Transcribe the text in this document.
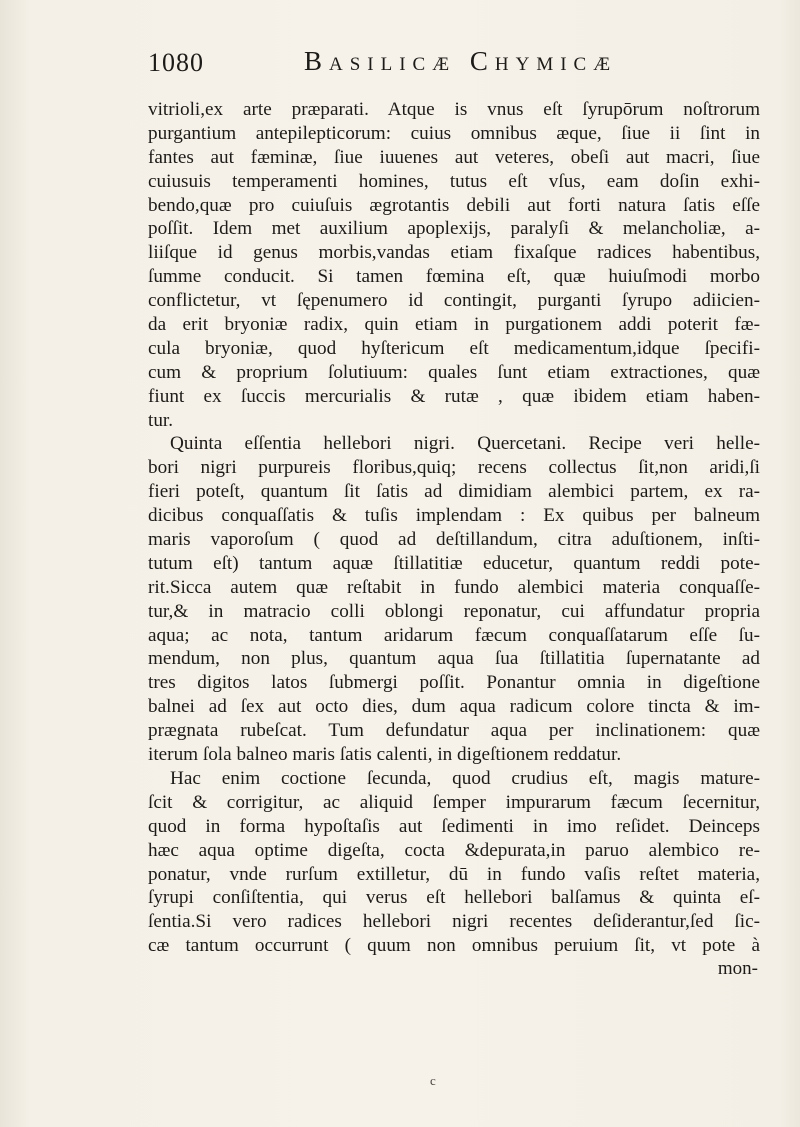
1080	Basilicæ Chymicæ
vitrioli,ex arte præparati. Atque is vnus eſt ſyrupōrum noſtrorum
purgantium antepilepticorum: cuius omnibus æque, ſiue ii ſint in
fantes aut fæminæ, ſiue iuuenes aut veteres, obeſi aut macri, ſiue
cuiusuis temperamenti homines, tutus eſt vſus, eam doſin exhi-
bendo,quæ pro cuiuſuis ægrotantis debili aut forti natura ſatis eſſe
poſſit. Idem met auxilium apoplexijs, paralyſi & melancholiæ, a-
liiſque id genus morbis,vandas etiam fixaſque radices habentibus,
ſumme conducit. Si tamen fœmina eſt, quæ huiuſmodi morbo
conflictetur, vt ſępenumero id contingit, purganti ſyrupo adiicien-
da erit bryoniæ radix, quin etiam in purgationem addi poterit fæ-
cula bryoniæ, quod hyſtericum eſt medicamentum,idque ſpecifi-
cum & proprium ſolutiuum: quales ſunt etiam extractiones, quæ
fiunt ex ſuccis mercurialis & rutæ , quæ ibidem etiam haben-
tur.
Quinta eſſentia hellebori nigri. Quercetani. Recipe veri helle-
bori nigri purpureis floribus,quiq; recens collectus ſit,non aridi,ſi
fieri poteſt, quantum ſit ſatis ad dimidiam alembici partem, ex ra-
dicibus conquaſſatis & tuſis implendam : Ex quibus per balneum
maris vaporoſum ( quod ad deſtillandum, citra aduſtionem, inſti-
tutum eſt) tantum aquæ ſtillatitiæ educetur, quantum reddi pote-
rit.Sicca autem quæ reſtabit in fundo alembici materia conquaſſe-
tur,& in matracio colli oblongi reponatur, cui affundatur propria
aqua; ac nota, tantum aridarum fæcum conquaſſatarum eſſe ſu-
mendum, non plus, quantum aqua ſua ſtillatitia ſupernatante ad
tres digitos latos ſubmergi poſſit. Ponantur omnia in digeſtione
balnei ad ſex aut octo dies, dum aqua radicum colore tincta & im-
prægnata rubeſcat. Tum defundatur aqua per inclinationem: quæ
iterum ſola balneo maris ſatis calenti, in digeſtionem reddatur.
Hac enim coctione ſecunda, quod crudius eſt, magis mature-
ſcit & corrigitur, ac aliquid ſemper impurarum fæcum ſecernitur,
quod in forma hypoſtaſis aut ſedimenti in imo reſidet. Deinceps
hæc aqua optime digeſta, cocta &depurata,in paruo alembico re-
ponatur, vnde rurſum extilletur, dū in fundo vaſis reſtet materia,
ſyrupi conſiſtentia, qui verus eſt hellebori balſamus & quinta eſ-
ſentia.Si vero radices hellebori nigri recentes deſiderantur,ſed ſic-
cæ tantum occurrunt ( quum non omnibus peruium ſit, vt pote à
mon-
c
